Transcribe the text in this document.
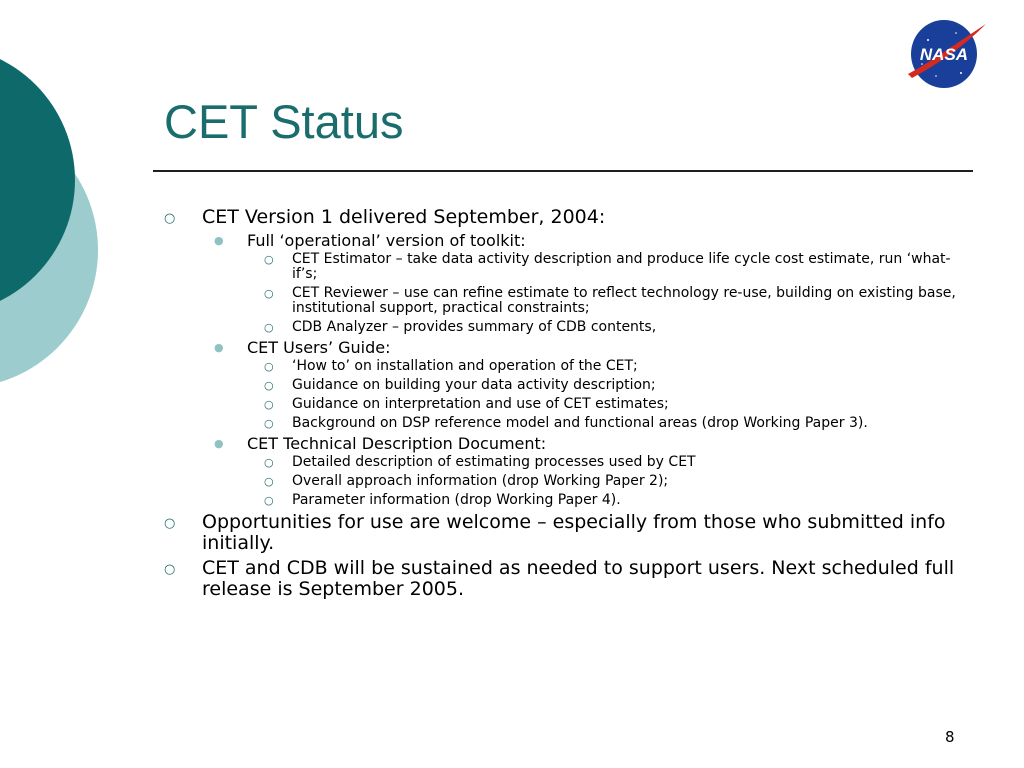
NASA
CET Status
○ CET Version 1 delivered September, 2004:
● Full ‘operational’ version of toolkit:
○ CET Estimator – take data activity description and produce life cycle cost estimate, run ‘what-if’s;
○ CET Reviewer – use can refine estimate to reflect technology re-use, building on existing base, institutional support, practical constraints;
○ CDB Analyzer – provides summary of CDB contents,
● CET Users’ Guide:
○ ‘How to’ on installation and operation of the CET;
○ Guidance on building your data activity description;
○ Guidance on interpretation and use of CET estimates;
○ Background on DSP reference model and functional areas (drop Working Paper 3).
● CET Technical Description Document:
○ Detailed description of estimating processes used by CET
○ Overall approach information (drop Working Paper 2);
○ Parameter information (drop Working Paper 4).
○ Opportunities for use are welcome – especially from those who submitted info initially.
○ CET and CDB will be sustained as needed to support users. Next scheduled full release is September 2005.
8
